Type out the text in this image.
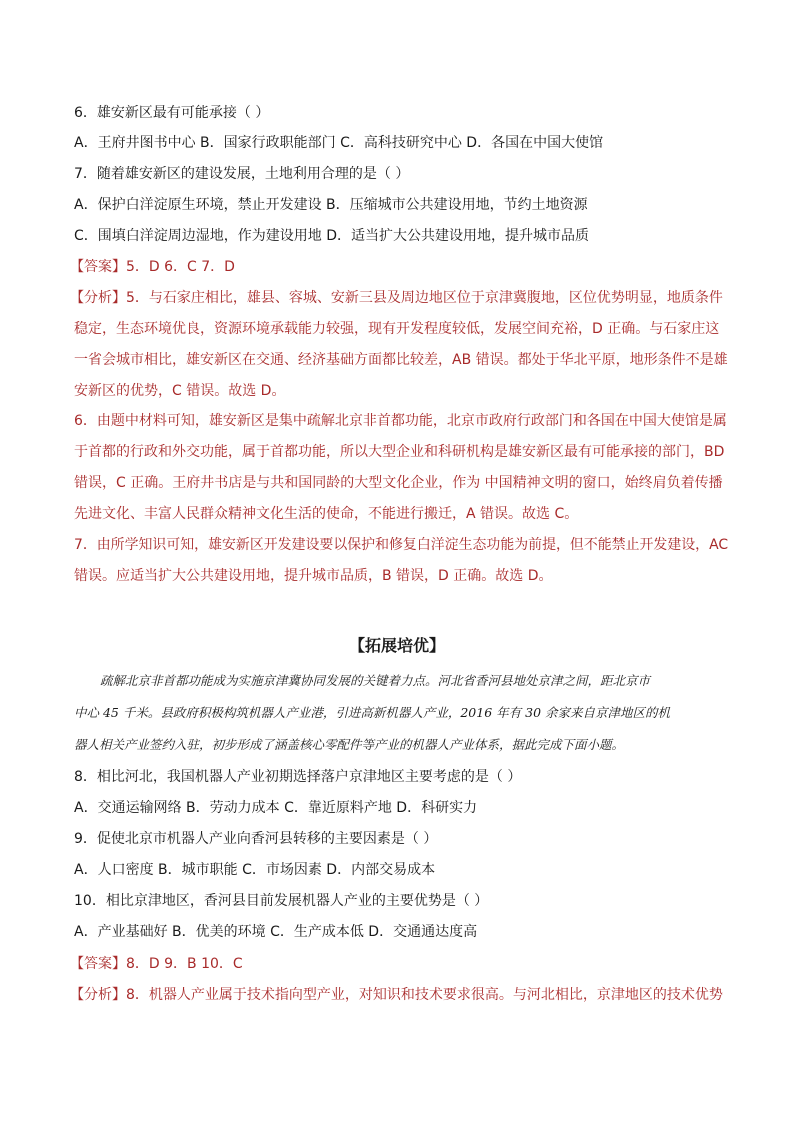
6．雄安新区最有可能承接（ ）
A．王府井图书中心 B．国家行政职能部门 C．高科技研究中心 D．各国在中国大使馆
7．随着雄安新区的建设发展，土地利用合理的是（ ）
A．保护白洋淀原生环境，禁止开发建设 B．压缩城市公共建设用地，节约土地资源
C．围填白洋淀周边湿地，作为建设用地 D．适当扩大公共建设用地，提升城市品质
【答案】5．D 6．C 7．D
【分析】5．与石家庄相比，雄县、容城、安新三县及周边地区位于京津冀腹地，区位优势明显，地质条件
稳定，生态环境优良，资源环境承载能力较强，现有开发程度较低，发展空间充裕，D 正确。与石家庄这
一省会城市相比，雄安新区在交通、经济基础方面都比较差，AB 错误。都处于华北平原，地形条件不是雄
安新区的优势，C 错误。故选 D。
6．由题中材料可知，雄安新区是集中疏解北京非首都功能，北京市政府行政部门和各国在中国大使馆是属
于首都的行政和外交功能，属于首都功能，所以大型企业和科研机构是雄安新区最有可能承接的部门，BD
错误，C 正确。王府井书店是与共和国同龄的大型文化企业，作为 中国精神文明的窗口，始终肩负着传播
先进文化、丰富人民群众精神文化生活的使命，不能进行搬迁，A 错误。故选 C。
7．由所学知识可知，雄安新区开发建设要以保护和修复白洋淀生态功能为前提，但不能禁止开发建设，AC
错误。应适当扩大公共建设用地，提升城市品质，B 错误，D 正确。故选 D。
【拓展培优】
疏解北京非首都功能成为实施京津冀协同发展的关键着力点。河北省香河县地处京津之间，距北京市
中心 45 千米。县政府积极构筑机器人产业港，引进高新机器人产业，2016 年有 30 余家来自京津地区的机
器人相关产业签约入驻，初步形成了涵盖核心零配件等产业的机器人产业体系，据此完成下面小题。
8．相比河北，我国机器人产业初期选择落户京津地区主要考虑的是（ ）
A．交通运输网络 B．劳动力成本 C．靠近原料产地 D．科研实力
9．促使北京市机器人产业向香河县转移的主要因素是（ ）
A．人口密度 B．城市职能 C．市场因素 D．内部交易成本
10．相比京津地区，香河县目前发展机器人产业的主要优势是（ ）
A．产业基础好 B．优美的环境 C．生产成本低 D．交通通达度高
【答案】8．D 9．B 10．C
【分析】8．机器人产业属于技术指向型产业，对知识和技术要求很高。与河北相比，京津地区的技术优势
